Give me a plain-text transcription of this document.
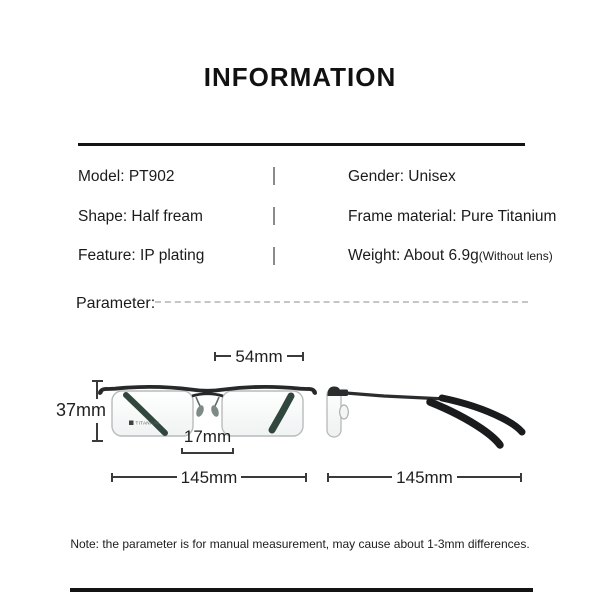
INFORMATION
Model: PT902
Shape: Half fream
Feature: IP plating
Gender: Unisex
Frame material: Pure Titanium
Weight: About 6.9g(Without lens)
Parameter:
54mm
TITANIUM
37mm
17mm
145mm	145mm
Note: the parameter is for manual measurement, may cause about 1-3mm differences.
